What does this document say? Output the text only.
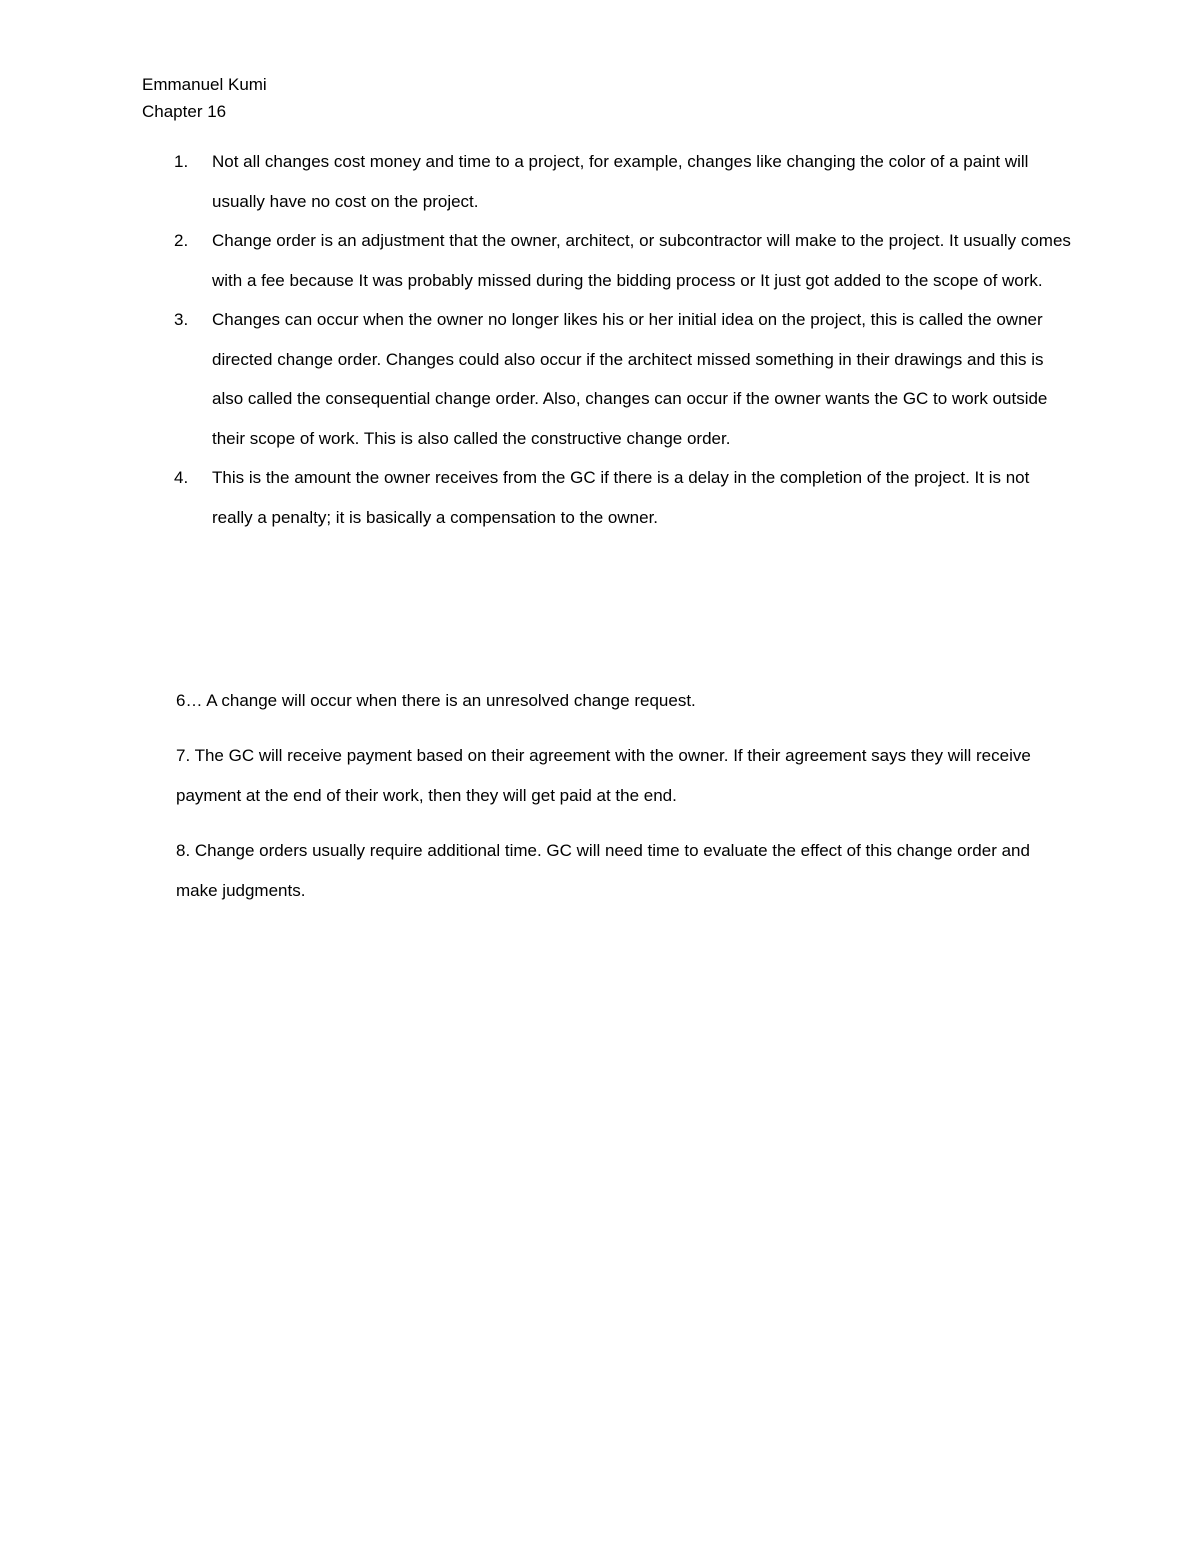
Emmanuel Kumi
Chapter 16
1. Not all changes cost money and time to a project, for example, changes like changing the color of a paint will usually have no cost on the project.
2. Change order is an adjustment that the owner, architect, or subcontractor will make to the project. It usually comes with a fee because It was probably missed during the bidding process or It just got added to the scope of work.
3. Changes can occur when the owner no longer likes his or her initial idea on the project, this is called the owner directed change order. Changes could also occur if the architect missed something in their drawings and this is also called the consequential change order. Also, changes can occur if the owner wants the GC to work outside their scope of work. This is also called the constructive change order.
4. This is the amount the owner receives from the GC if there is a delay in the completion of the project. It is not really a penalty; it is basically a compensation to the owner.

6… A change will occur when there is an unresolved change request.

7. The GC will receive payment based on their agreement with the owner. If their agreement says they will receive payment at the end of their work, then they will get paid at the end.

8. Change orders usually require additional time. GC will need time to evaluate the effect of this change order and make judgments.
